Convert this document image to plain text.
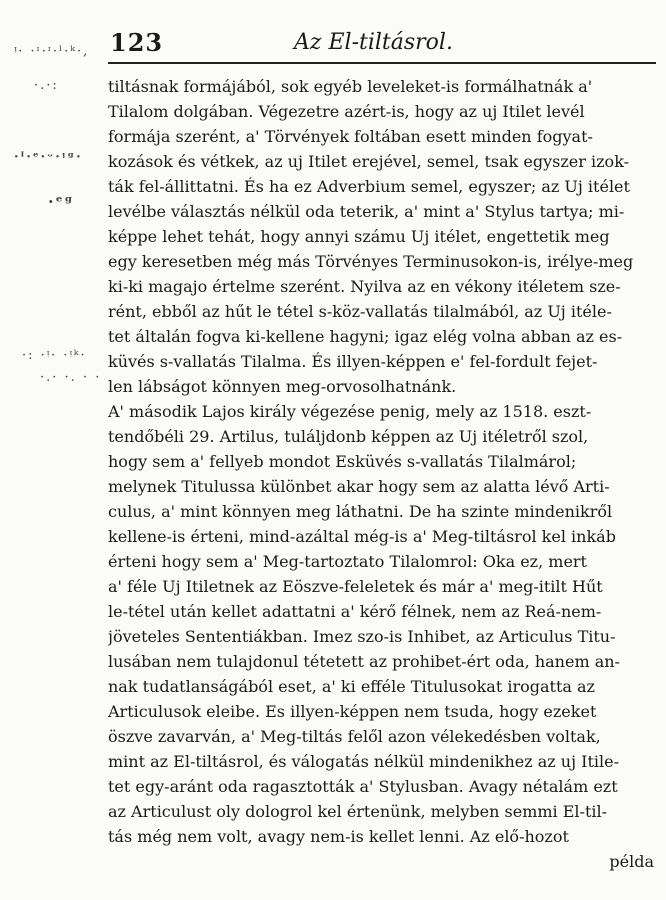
123	Az El-tiltásrol.
ᵎ· ·ᶦ·ᶦ·ˡ·ᵏ·,
·.·:
·ᴵ·ᵉ·ᵕ·ᵎᵍ·
·ᵉᵍ
·: ·ᵎ· ·ᵎᵏ·
·.· ·. · ·
tiltásnak formájából, sok egyéb leveleket-is formálhatnák a'
Tilalom dolgában. Végezetre azért-is, hogy az uj Itilet levél
formája szerént, a' Törvények foltában esett minden fogyat-
kozások és vétkek, az uj Itilet erejével, semel, tsak egyszer izok-
ták fel-állittatni. És ha ez Adverbium semel, egyszer; az Uj itélet
levélbe választás nélkül oda teterik, a' mint a' Stylus tartya; mi-
képpe lehet tehát, hogy annyi számu Uj itélet, engettetik meg
egy keresetben még más Törvényes Terminusokon-is, irélye-meg
ki-ki magajo értelme szerént. Nyilva az en vékony itéletem sze-
rént, ebből az hűt le tétel s-köz-vallatás tilalmából, az Uj itéle-
tet általán fogva ki-kellene hagyni; igaz elég volna abban az es-
küvés s-vallatás Tilalma. És illyen-képpen e' fel-fordult fejet-
len lábságot könnyen meg-orvosolhatnánk.
A' második Lajos király végezése penig, mely az 1518. eszt-
tendőbéli 29. Artilus, tuláljdonb képpen az Uj itéletről szol,
hogy sem a' fellyeb mondot Esküvés s-vallatás Tilalmárol;
melynek Titulussa különbet akar hogy sem az alatta lévő Arti-
culus, a' mint könnyen meg láthatni. De ha szinte mindenikről
kellene-is érteni, mind-azáltal még-is a' Meg-tiltásrol kel inkáb
érteni hogy sem a' Meg-tartoztato Tilalomrol: Oka ez, mert
a' féle Uj Itiletnek az Eöszve-feleletek és már a' meg-itilt Hűt
le-tétel után kellet adattatni a' kérő félnek, nem az Reá-nem-
jöveteles Sententiákban. Imez szo-is Inhibet, az Articulus Titu-
lusában nem tulajdonul tétetett az prohibet-ért oda, hanem an-
nak tudatlanságából eset, a' ki efféle Titulusokat irogatta az
Articulusok eleibe. Es illyen-képpen nem tsuda, hogy ezeket
öszve zavarván, a' Meg-tiltás felől azon vélekedésben voltak,
mint az El-tiltásrol, és válogatás nélkül mindenikhez az uj Itile-
tet egy-aránt oda ragasztották a' Stylusban. Avagy nétalám ezt
az Articulust oly dologrol kel értenünk, melyben semmi El-til-
tás még nem volt, avagy nem-is kellet lenni. Az elő-hozot
példa
